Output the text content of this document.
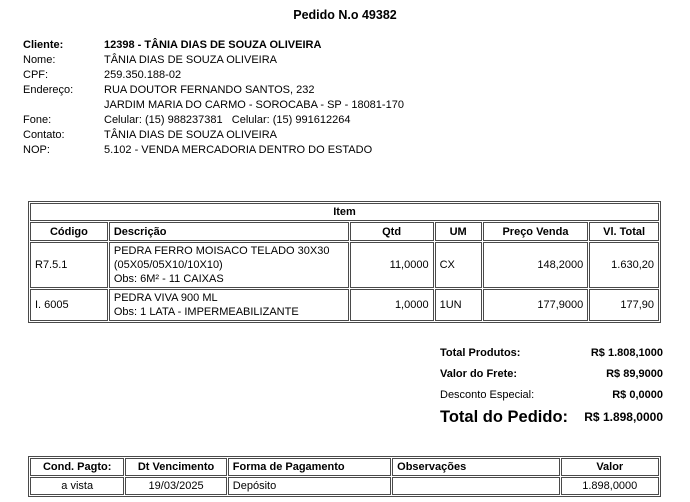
Pedido N.o 49382
Cliente:	12398 - TÂNIA DIAS DE SOUZA OLIVEIRA
Nome:	TÂNIA DIAS DE SOUZA OLIVEIRA
CPF:	259.350.188-02
Endereço:	RUA DOUTOR FERNANDO SANTOS, 232
JARDIM MARIA DO CARMO - SOROCABA - SP - 18081-170
Fone:	Celular: (15) 988237381   Celular: (15) 991612264
Contato:	TÂNIA DIAS DE SOUZA OLIVEIRA
NOP:	5.102 - VENDA MERCADORIA DENTRO DO ESTADO
Item					
Código	Descrição	Qtd	UM	Preço Venda	Vl. Total
R7.5.1	PEDRA FERRO MOISACO TELADO 30X30
(05X05/05X10/10X10)
Obs: 6M² - 11 CAIXAS	11,0000	CX	148,2000	1.630,20
I. 6005	PEDRA VIVA 900 ML
Obs: 1 LATA - IMPERMEABILIZANTE	1,0000	1UN	177,9000	177,90
Total Produtos:	R$ 1.808,1000
Valor do Frete:	R$ 89,9000
Desconto Especial:	R$ 0,0000
Total do Pedido: R$ 1.898,0000
Cond. Pagto:	Dt Vencimento	Forma de Pagamento	Observações	Valor
a vista	19/03/2025	Depósito		1.898,0000
